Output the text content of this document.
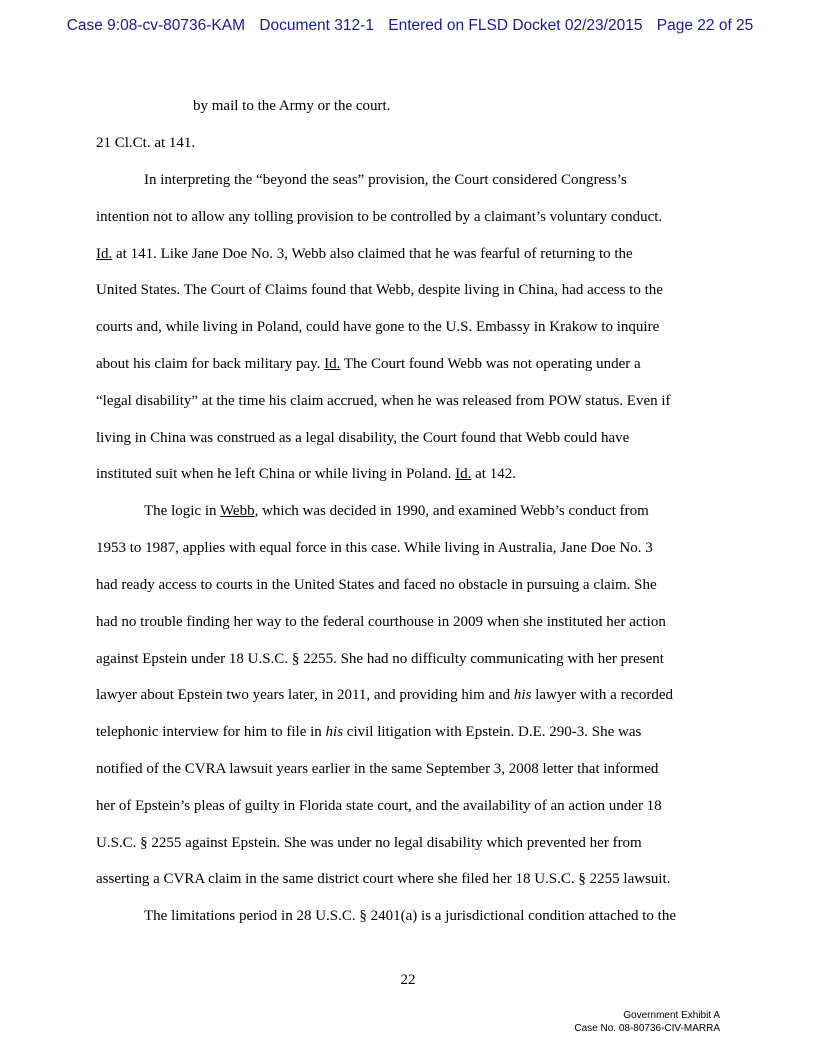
Case 9:08-cv-80736-KAM Document 312-1 Entered on FLSD Docket 02/23/2015 Page 22 of 25
by mail to the Army or the court.
21 Cl.Ct. at 141.
In interpreting the “beyond the seas” provision, the Court considered Congress’s
intention not to allow any tolling provision to be controlled by a claimant’s voluntary conduct.
Id. at 141. Like Jane Doe No. 3, Webb also claimed that he was fearful of returning to the
United States. The Court of Claims found that Webb, despite living in China, had access to the
courts and, while living in Poland, could have gone to the U.S. Embassy in Krakow to inquire
about his claim for back military pay. Id. The Court found Webb was not operating under a
“legal disability” at the time his claim accrued, when he was released from POW status. Even if
living in China was construed as a legal disability, the Court found that Webb could have
instituted suit when he left China or while living in Poland. Id. at 142.
The logic in Webb, which was decided in 1990, and examined Webb’s conduct from
1953 to 1987, applies with equal force in this case. While living in Australia, Jane Doe No. 3
had ready access to courts in the United States and faced no obstacle in pursuing a claim. She
had no trouble finding her way to the federal courthouse in 2009 when she instituted her action
against Epstein under 18 U.S.C. § 2255. She had no difficulty communicating with her present
lawyer about Epstein two years later, in 2011, and providing him and his lawyer with a recorded
telephonic interview for him to file in his civil litigation with Epstein. D.E. 290-3. She was
notified of the CVRA lawsuit years earlier in the same September 3, 2008 letter that informed
her of Epstein’s pleas of guilty in Florida state court, and the availability of an action under 18
U.S.C. § 2255 against Epstein. She was under no legal disability which prevented her from
asserting a CVRA claim in the same district court where she filed her 18 U.S.C. § 2255 lawsuit.
The limitations period in 28 U.S.C. § 2401(a) is a jurisdictional condition attached to the
22
Government Exhibit A
Case No. 08-80736-CIV-MARRA
